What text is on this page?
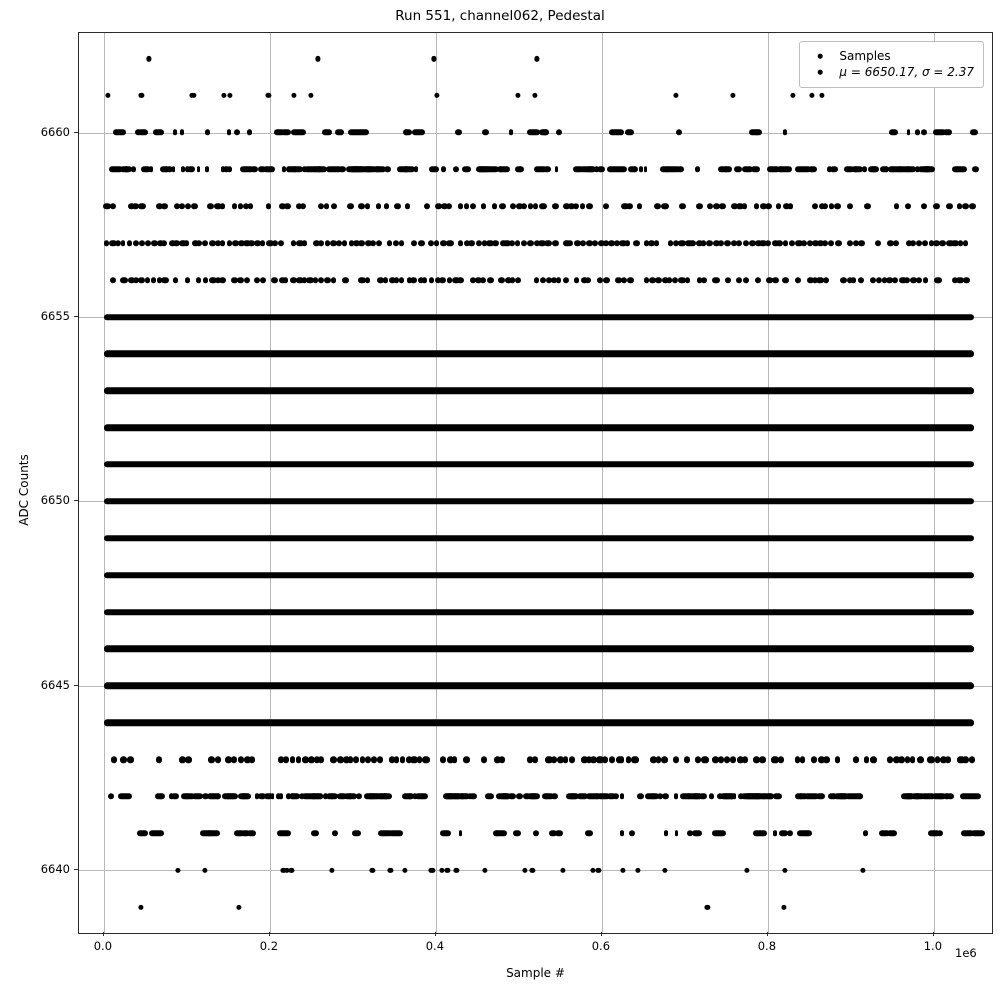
Run 551, channel062, Pedestal
ADC Counts
Sample #
1e6
Samples
μ = 6650.17, σ = 2.37
0.0	0.2	0.4	0.6	0.8	1.0
6640
6645
6650
6655
6660
